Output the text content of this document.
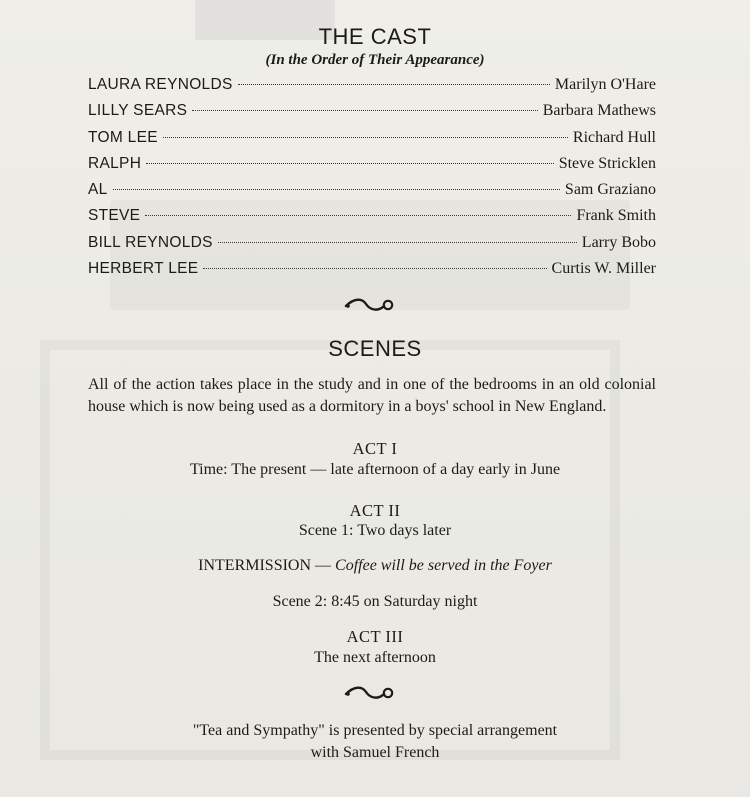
THE CAST
(In the Order of Their Appearance)
LAURA REYNOLDS	Marilyn O'Hare
LILLY SEARS	Barbara Mathews
TOM LEE	Richard Hull
RALPH	Steve Stricklen
AL	Sam Graziano
STEVE	Frank Smith
BILL REYNOLDS	Larry Bobo
HERBERT LEE	Curtis W. Miller
SCENES
All of the action takes place in the study and in one of the bedrooms in an old colonial house which is now being used as a dormitory in a boys' school in New England.
ACT I
Time: The present — late afternoon of a day early in June
ACT II
Scene 1: Two days later
INTERMISSION — Coffee will be served in the Foyer
Scene 2: 8:45 on Saturday night
ACT III
The next afternoon
"Tea and Sympathy" is presented by special arrangement
with Samuel French
